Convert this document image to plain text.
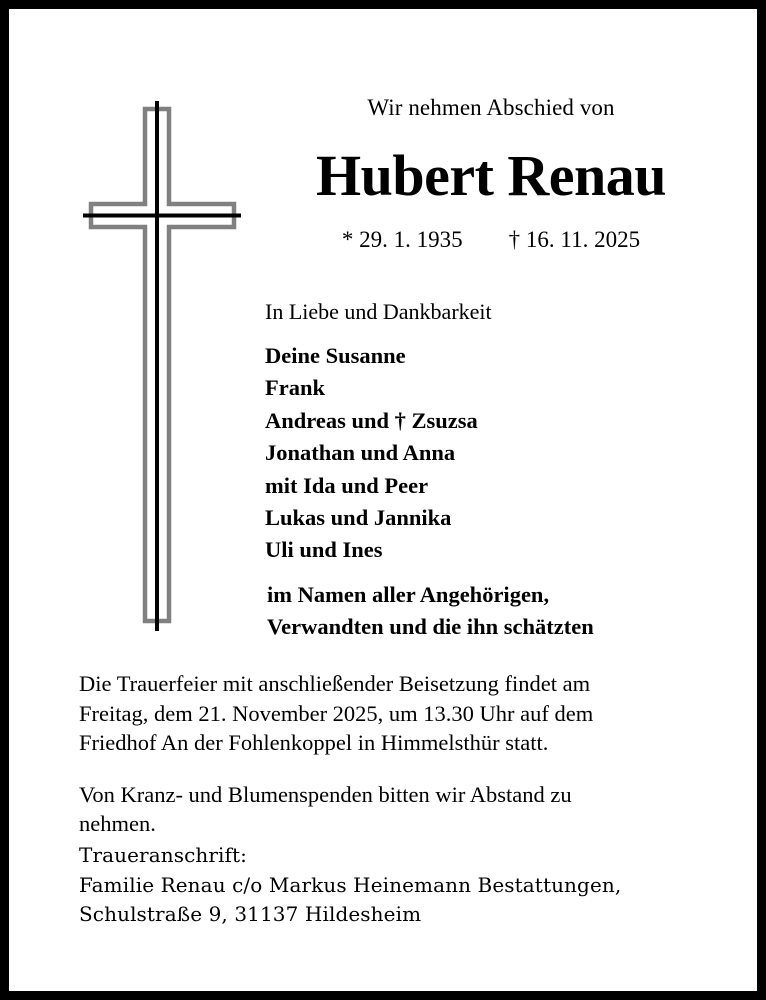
Wir nehmen Abschied von
Hubert Renau
* 29. 1. 1935 † 16. 11. 2025
In Liebe und Dankbarkeit
Deine Susanne
Frank
Andreas und † Zsuzsa
Jonathan und Anna
mit Ida und Peer
Lukas und Jannika
Uli und Ines
im Namen aller Angehörigen,
Verwandten und die ihn schätzten

Die Trauerfeier mit anschließender Beisetzung findet am
Freitag, dem 21. November 2025, um 13.30 Uhr auf dem
Friedhof An der Fohlenkoppel in Himmelsthür statt.

Von Kranz- und Blumenspenden bitten wir Abstand zu
nehmen.

Traueranschrift:
Familie Renau c/o Markus Heinemann Bestattungen,
Schulstraße 9, 31137 Hildesheim
